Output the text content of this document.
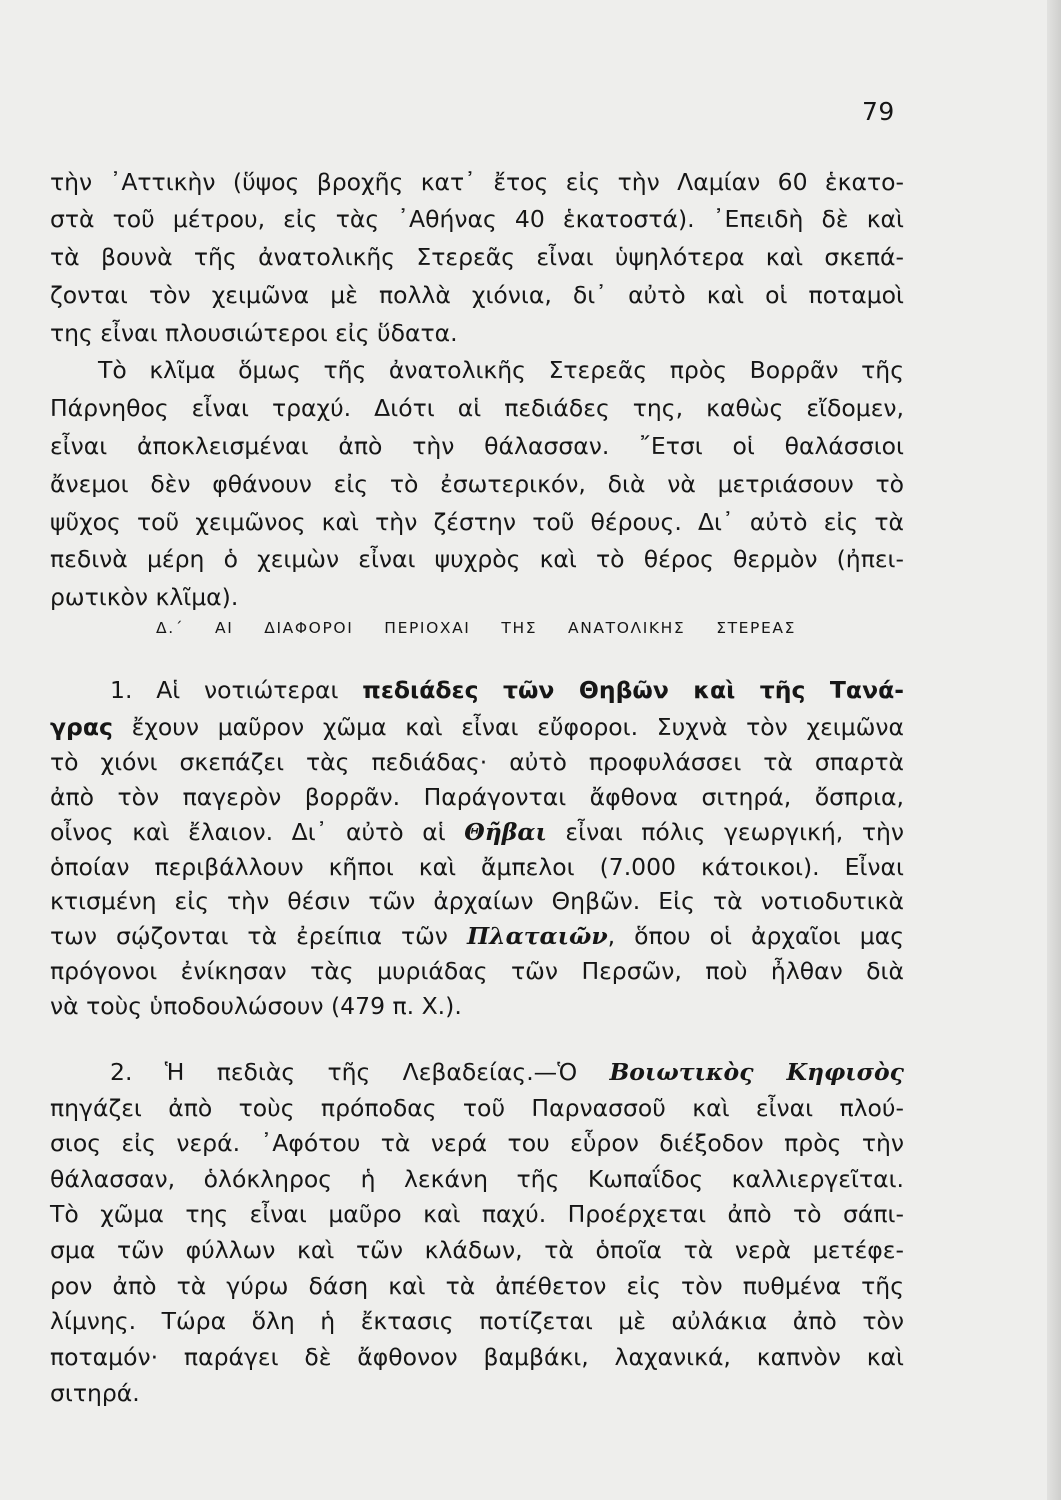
79
τὴν ᾿Αττικὴν (ὕψος βροχῆς κατ᾿ ἔτος εἰς τὴν Λαμίαν 60 ἑκατο-
στὰ τοῦ μέτρου, εἰς τὰς ᾿Αθήνας 40 ἑκατοστά). ᾿Επειδὴ δὲ καὶ
τὰ βουνὰ τῆς ἀνατολικῆς Στερεᾶς εἶναι ὑψηλότερα καὶ σκεπά-
ζονται τὸν χειμῶνα μὲ πολλὰ χιόνια, δι᾿ αὐτὸ καὶ οἱ ποταμοὶ
της εἶναι πλουσιώτεροι εἰς ὕδατα.
Τὸ κλῖμα ὅμως τῆς ἀνατολικῆς Στερεᾶς πρὸς Βορρᾶν τῆς
Πάρνηθος εἶναι τραχύ. Διότι αἱ πεδιάδες της, καθὼς εἴδομεν,
εἶναι ἀποκλεισμέναι ἀπὸ τὴν θάλασσαν. ῎Ετσι οἱ θαλάσσιοι
ἄνεμοι δὲν φθάνουν εἰς τὸ ἐσωτερικόν, διὰ νὰ μετριάσουν τὸ
ψῦχος τοῦ χειμῶνος καὶ τὴν ζέστην τοῦ θέρους. Δι᾿ αὐτὸ εἰς τὰ
πεδινὰ μέρη ὁ χειμὼν εἶναι ψυχρὸς καὶ τὸ θέρος θερμὸν (ἠπει-
ρωτικὸν κλῖμα).
Δ.΄ ΑΙ ΔΙΑΦΟΡΟΙ ΠΕΡΙΟΧΑΙ ΤΗΣ ΑΝΑΤΟΛΙΚΗΣ ΣΤΕΡΕΑΣ
1. Αἱ νοτιώτεραι πεδιάδες τῶν Θηβῶν καὶ τῆς Τανά-
γρας ἔχουν μαῦρον χῶμα καὶ εἶναι εὔφοροι. Συχνὰ τὸν χειμῶνα
τὸ χιόνι σκεπάζει τὰς πεδιάδας· αὐτὸ προφυλάσσει τὰ σπαρτὰ
ἀπὸ τὸν παγερὸν βορρᾶν. Παράγονται ἄφθονα σιτηρά, ὄσπρια,
οἶνος καὶ ἔλαιον. Δι᾿ αὐτὸ αἱ Θῆβαι εἶναι πόλις γεωργική, τὴν
ὁποίαν περιβάλλουν κῆποι καὶ ἄμπελοι (7.000 κάτοικοι). Εἶναι
κτισμένη εἰς τὴν θέσιν τῶν ἀρχαίων Θηβῶν. Εἰς τὰ νοτιοδυτικὰ
των σῴζονται τὰ ἐρείπια τῶν Πλαταιῶν, ὅπου οἱ ἀρχαῖοι μας
πρόγονοι ἐνίκησαν τὰς μυριάδας τῶν Περσῶν, ποὺ ἦλθαν διὰ
νὰ τοὺς ὑποδουλώσουν (479 π. Χ.).
2. Ἡ πεδιὰς τῆς Λεβαδείας.—Ὁ Βοιωτικὸς Κηφισὸς
πηγάζει ἀπὸ τοὺς πρόποδας τοῦ Παρνασσοῦ καὶ εἶναι πλού-
σιος εἰς νερά. ᾿Αφότου τὰ νερά του εὗρον διέξοδον πρὸς τὴν
θάλασσαν, ὁλόκληρος ἡ λεκάνη τῆς Κωπαΐδος καλλιεργεῖται.
Τὸ χῶμα της εἶναι μαῦρο καὶ παχύ. Προέρχεται ἀπὸ τὸ σάπι-
σμα τῶν φύλλων καὶ τῶν κλάδων, τὰ ὁποῖα τὰ νερὰ μετέφε-
ρον ἀπὸ τὰ γύρω δάση καὶ τὰ ἀπέθετον εἰς τὸν πυθμένα τῆς
λίμνης. Τώρα ὅλη ἡ ἔκτασις ποτίζεται μὲ αὐλάκια ἀπὸ τὸν
ποταμόν· παράγει δὲ ἄφθονον βαμβάκι, λαχανικά, καπνὸν καὶ
σιτηρά.
